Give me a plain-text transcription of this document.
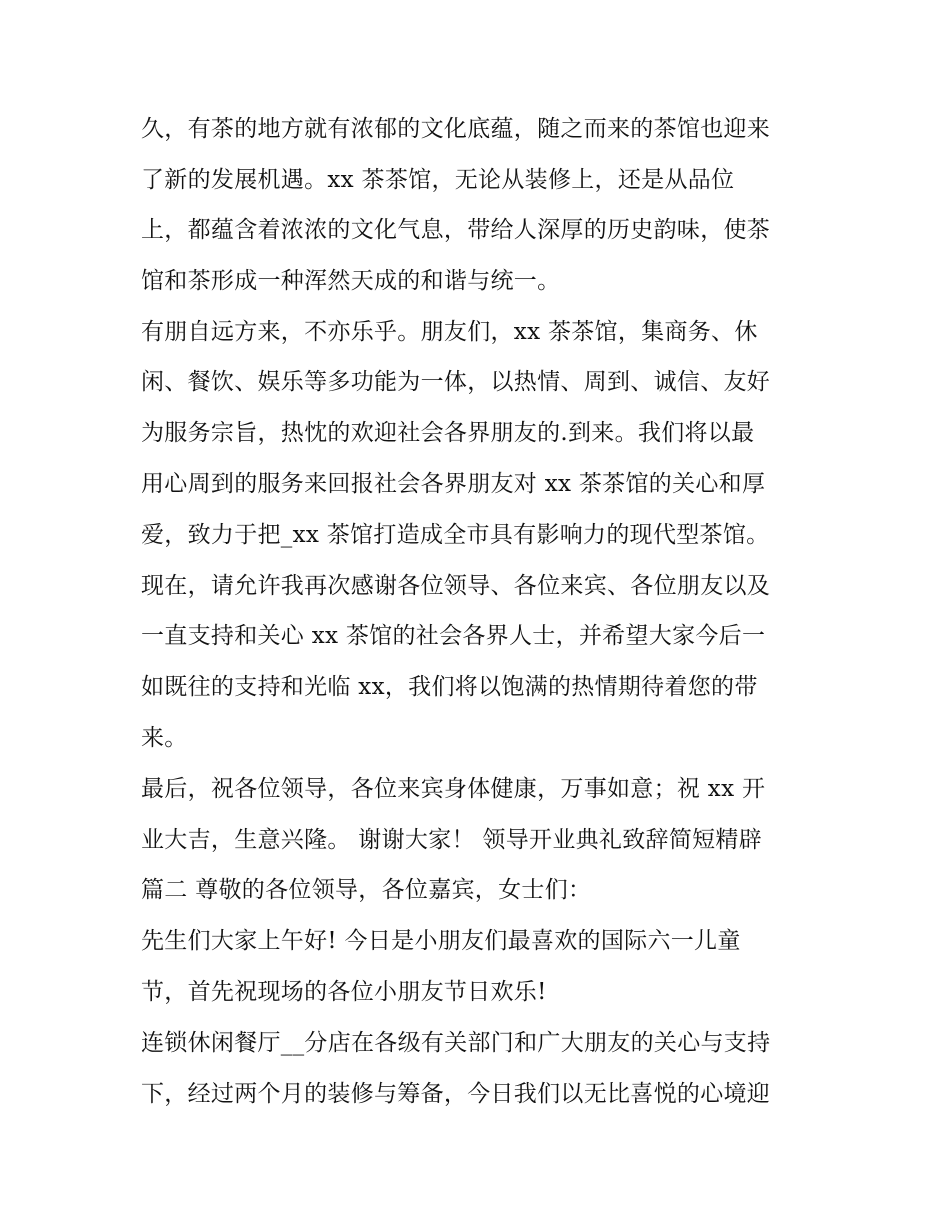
久，有茶的地方就有浓郁的文化底蕴，随之而来的茶馆也迎来

了新的发展机遇。xx 茶茶馆，无论从装修上，还是从品位

上，都蕴含着浓浓的文化气息，带给人深厚的历史韵味，使茶

馆和茶形成一种浑然天成的和谐与统一。

有朋自远方来，不亦乐乎。朋友们，xx 茶茶馆，集商务、休

闲、餐饮、娱乐等多功能为一体，以热情、周到、诚信、友好

为服务宗旨，热忱的欢迎社会各界朋友的.到来。我们将以最

用心周到的服务来回报社会各界朋友对 xx 茶茶馆的关心和厚

爱，致力于把_xx 茶馆打造成全市具有影响力的现代型茶馆。

现在，请允许我再次感谢各位领导、各位来宾、各位朋友以及

一直支持和关心 xx 茶馆的社会各界人士，并希望大家今后一

如既往的支持和光临 xx，我们将以饱满的热情期待着您的带

来。

最后，祝各位领导，各位来宾身体健康，万事如意；祝 xx 开

业大吉，生意兴隆。 谢谢大家！ 领导开业典礼致辞简短精辟

篇二 尊敬的各位领导，各位嘉宾，女士们：

先生们大家上午好! 今日是小朋友们最喜欢的国际六一儿童

节，首先祝现场的各位小朋友节日欢乐!

连锁休闲餐厅__分店在各级有关部门和广大朋友的关心与支持

下，经过两个月的装修与筹备，今日我们以无比喜悦的心境迎
